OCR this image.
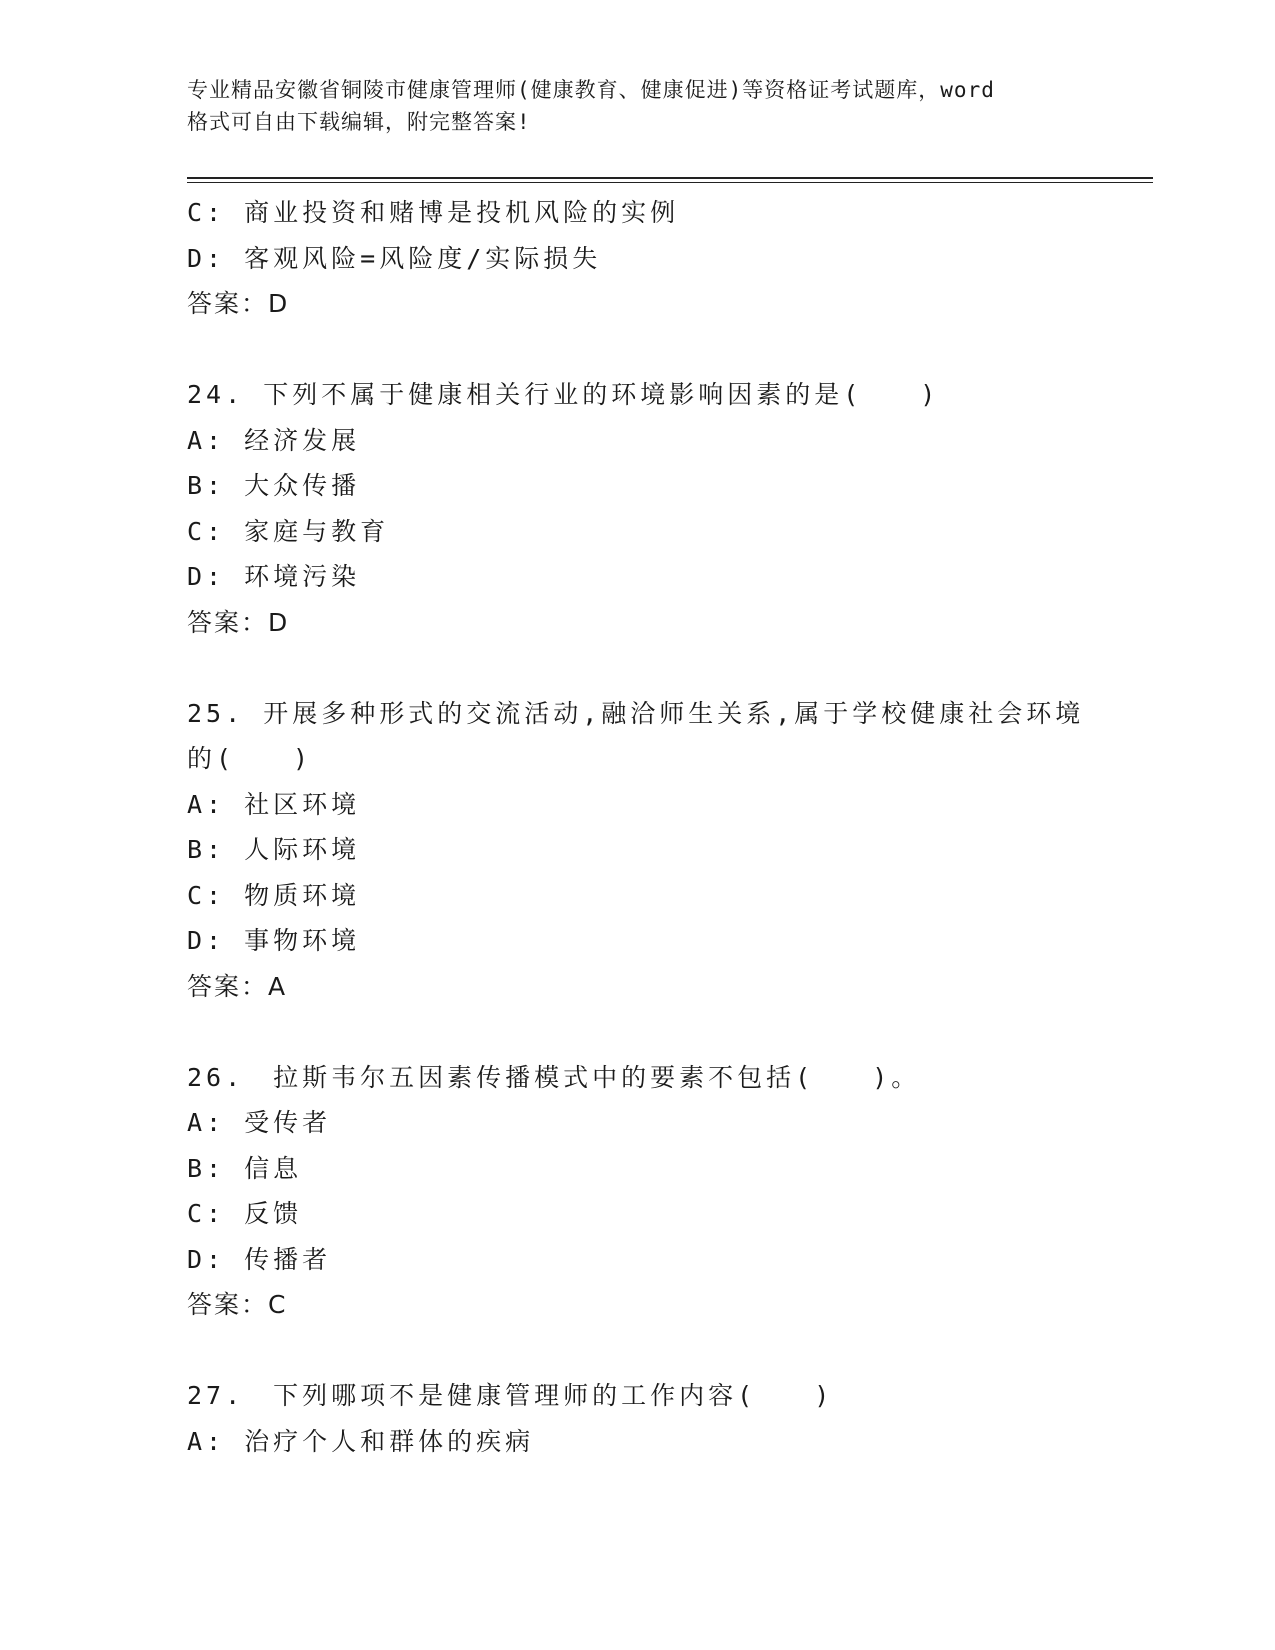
专业精品安徽省铜陵市健康管理师(健康教育、健康促进)等资格证考试题库，word
格式可自由下载编辑，附完整答案!
C: 商业投资和赌博是投机风险的实例
D: 客观风险=风险度/实际损失
答案：D
24. 下列不属于健康相关行业的环境影响因素的是(　　)
A: 经济发展
B: 大众传播
C: 家庭与教育
D: 环境污染
答案：D
25. 开展多种形式的交流活动,融洽师生关系,属于学校健康社会环境
的(　　)
A: 社区环境
B: 人际环境
C: 物质环境
D: 事物环境
答案：A
26.　拉斯韦尔五因素传播模式中的要素不包括(　　)。
A: 受传者
B: 信息
C: 反馈
D: 传播者
答案：C
27.　下列哪项不是健康管理师的工作内容(　　)
A: 治疗个人和群体的疾病
